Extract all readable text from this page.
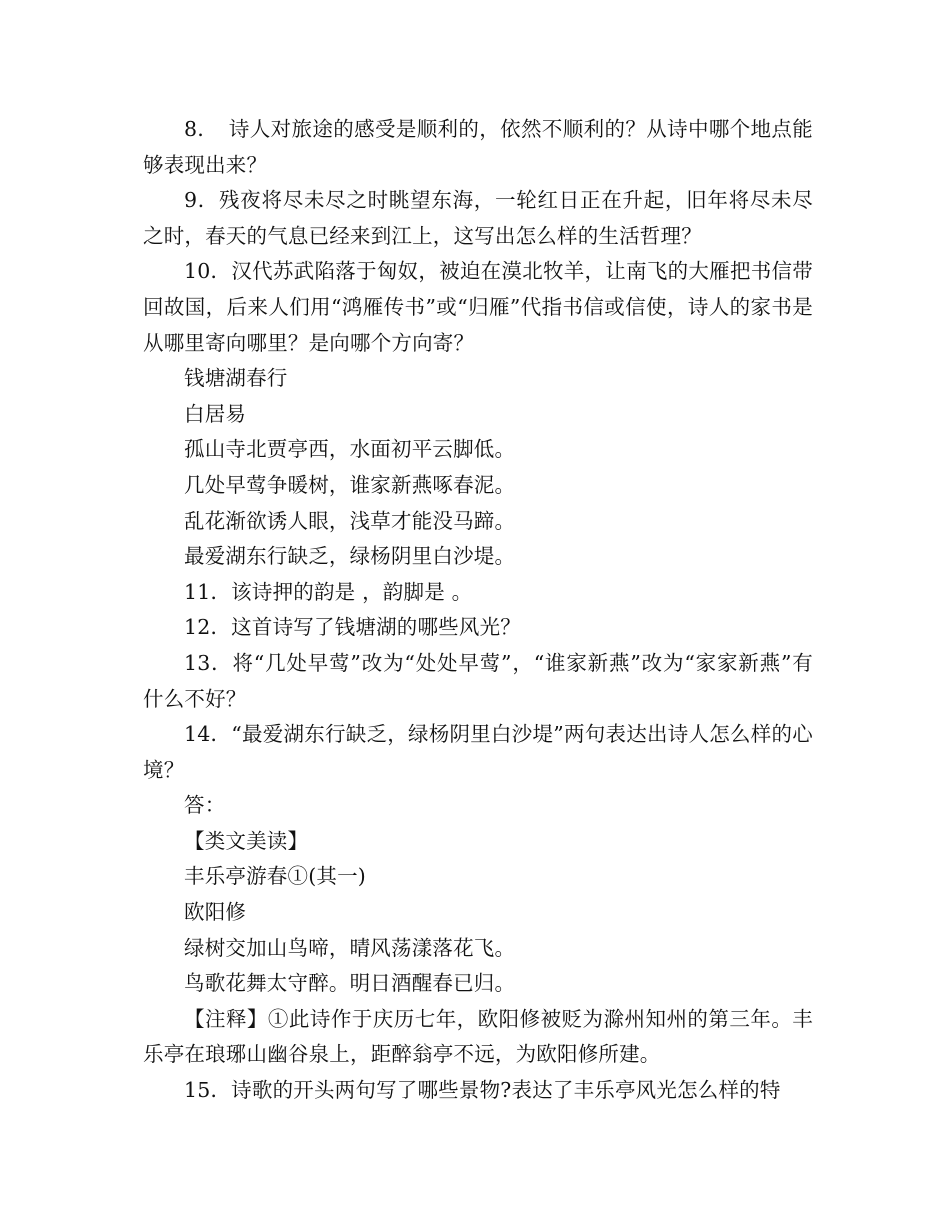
8．　诗人对旅途的感受是顺利的，依然不顺利的？从诗中哪个地点能够表现出来？

9．残夜将尽未尽之时眺望东海，一轮红日正在升起，旧年将尽未尽之时，春天的气息已经来到江上，这写出怎么样的生活哲理？

10．汉代苏武陷落于匈奴，被迫在漠北牧羊，让南飞的大雁把书信带回故国，后来人们用“鸿雁传书”或“归雁”代指书信或信使，诗人的家书是从哪里寄向哪里？是向哪个方向寄？

钱塘湖春行

白居易

孤山寺北贾亭西，水面初平云脚低。

几处早莺争暖树，谁家新燕啄春泥。

乱花渐欲诱人眼，浅草才能没马蹄。

最爱湖东行缺乏，绿杨阴里白沙堤。

11．该诗押的韵是 ，韵脚是 。

12．这首诗写了钱塘湖的哪些风光？

13．将“几处早莺”改为“处处早莺”，“谁家新燕”改为“家家新燕”有什么不好？

14．“最爱湖东行缺乏，绿杨阴里白沙堤”两句表达出诗人怎么样的心境？

答：

【类文美读】

丰乐亭游春①(其一)

欧阳修

绿树交加山鸟啼，晴风荡漾落花飞。

鸟歌花舞太守醉。明日酒醒春已归。

【注释】①此诗作于庆历七年，欧阳修被贬为滁州知州的第三年。丰乐亭在琅琊山幽谷泉上，距醉翁亭不远，为欧阳修所建。

15．诗歌的开头两句写了哪些景物?表达了丰乐亭风光怎么样的特
